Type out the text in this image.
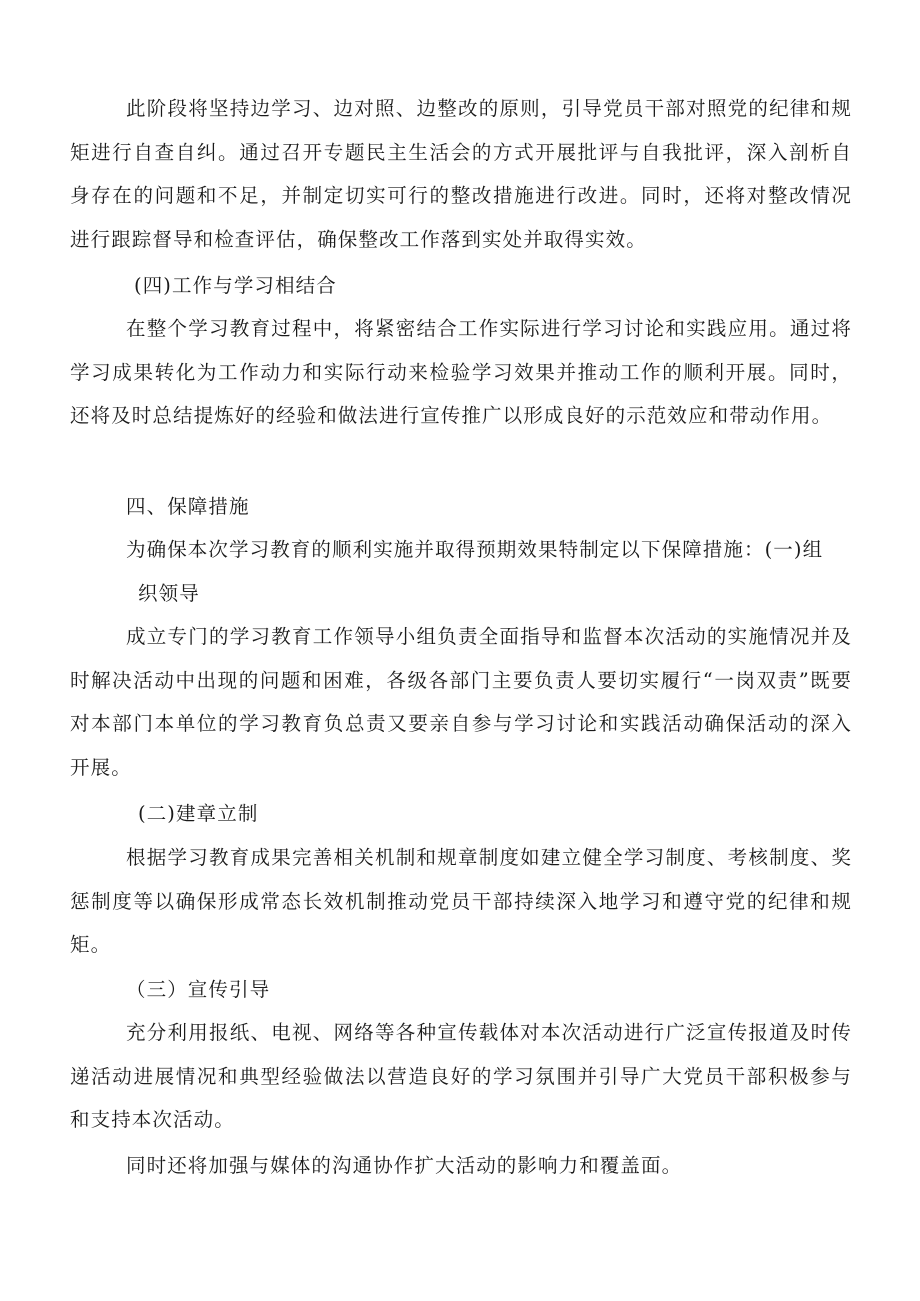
此阶段将坚持边学习、边对照、边整改的原则，引导党员干部对照党的纪律和规矩进行自查自纠。通过召开专题民主生活会的方式开展批评与自我批评，深入剖析自身存在的问题和不足，并制定切实可行的整改措施进行改进。同时，还将对整改情况进行跟踪督导和检查评估，确保整改工作落到实处并取得实效。

(四)工作与学习相结合

在整个学习教育过程中，将紧密结合工作实际进行学习讨论和实践应用。通过将学习成果转化为工作动力和实际行动来检验学习效果并推动工作的顺利开展。同时，还将及时总结提炼好的经验和做法进行宣传推广以形成良好的示范效应和带动作用。

四、保障措施

为确保本次学习教育的顺利实施并取得预期效果特制定以下保障措施：(一)组

织领导

成立专门的学习教育工作领导小组负责全面指导和监督本次活动的实施情况并及时解决活动中出现的问题和困难，各级各部门主要负责人要切实履行“一岗双责”既要对本部门本单位的学习教育负总责又要亲自参与学习讨论和实践活动确保活动的深入开展。

(二)建章立制

根据学习教育成果完善相关机制和规章制度如建立健全学习制度、考核制度、奖惩制度等以确保形成常态长效机制推动党员干部持续深入地学习和遵守党的纪律和规矩。

（三）宣传引导

充分利用报纸、电视、网络等各种宣传载体对本次活动进行广泛宣传报道及时传递活动进展情况和典型经验做法以营造良好的学习氛围并引导广大党员干部积极参与和支持本次活动。

同时还将加强与媒体的沟通协作扩大活动的影响力和覆盖面。
